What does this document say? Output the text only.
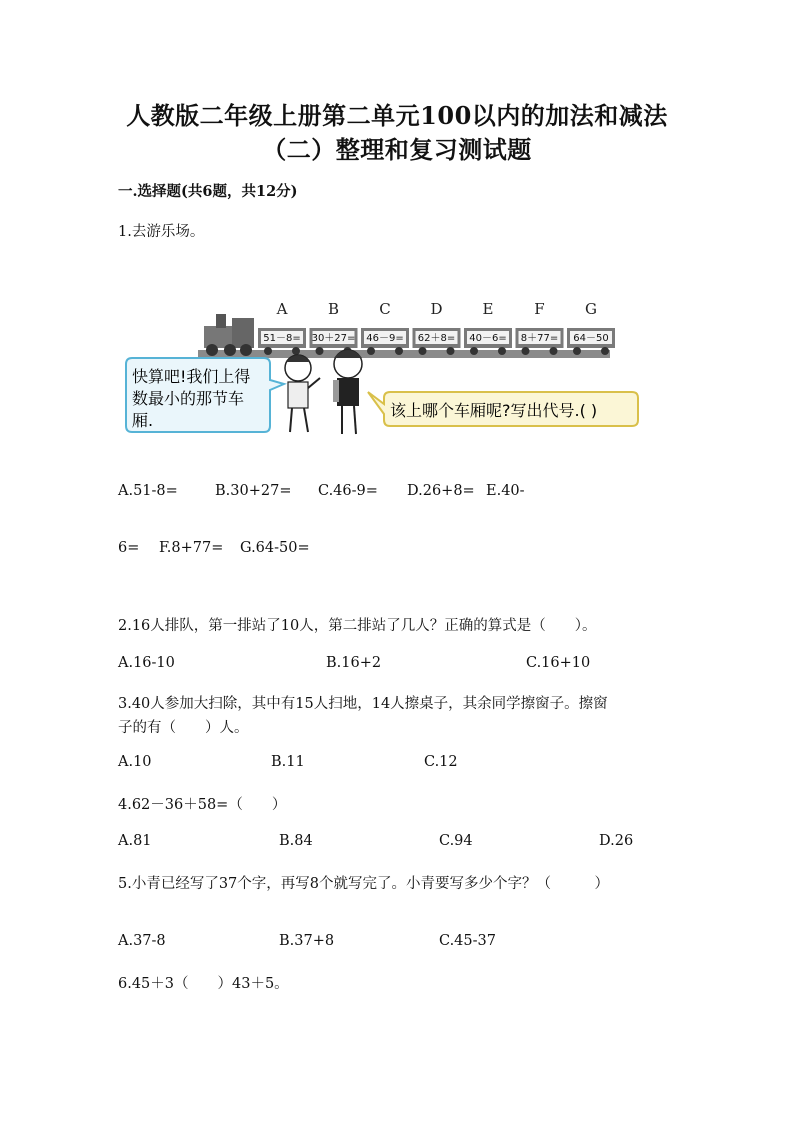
人教版二年级上册第二单元100以内的加法和减法
（二）整理和复习测试题
一.选择题(共6题，共12分)
1.去游乐场。
A
51－8=
B
30＋27=
C
46－9=
D
62＋8=
E
40－6=
F
8＋77=
G
64－50
快算吧!我们上得
数最小的那节车
厢.
该上哪个车厢呢?写出代号.( )
A.51-8=	B.30+27= C.46-9= D.26+8= E.40-
6= F.8+77= G.64-50=
2.16人排队，第一排站了10人，第二排站了几人？正确的算式是（　　）。
A.16-10	B.16+2	C.16+10
3.40人参加大扫除，其中有15人扫地，14人擦桌子，其余同学擦窗子。擦窗
子的有（　　）人。
A.10	B.11	C.12
4.62－36＋58=（　　）
A.81	B.84	C.94	D.26
5.小青已经写了37个字，再写8个就写完了。小青要写多少个字？（　　　）
A.37-8	B.37+8	C.45-37
6.45＋3（　　）43＋5。
